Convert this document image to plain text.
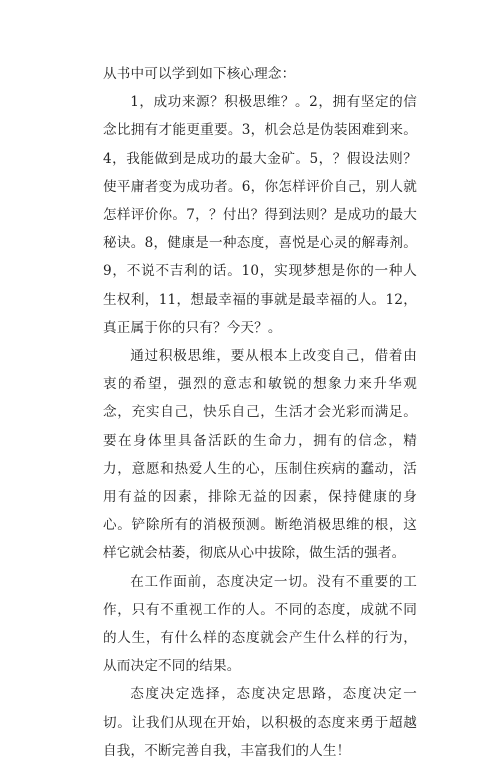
从书中可以学到如下核心理念：

1，成功来源？积极思维？。2，拥有坚定的信念比拥有才能更重要。3，机会总是伪装困难到来。4，我能做到是成功的最大金矿。5，？假设法则？使平庸者变为成功者。6，你怎样评价自己，别人就怎样评价你。7，？付出？得到法则？是成功的最大秘诀。8，健康是一种态度，喜悦是心灵的解毒剂。9，不说不吉利的话。10，实现梦想是你的一种人生权利，11，想最幸福的事就是最幸福的人。12，真正属于你的只有？今天？。

通过积极思维，要从根本上改变自己，借着由衷的希望，强烈的意志和敏锐的想象力来升华观念，充实自己，快乐自己，生活才会光彩而满足。要在身体里具备活跃的生命力，拥有的信念，精力，意愿和热爱人生的心，压制住疾病的蠢动，活用有益的因素，排除无益的因素，保持健康的身心。铲除所有的消极预测。断绝消极思维的根，这样它就会枯萎，彻底从心中拔除，做生活的强者。

在工作面前，态度决定一切。没有不重要的工作，只有不重视工作的人。不同的态度，成就不同的人生，有什么样的态度就会产生什么样的行为，从而决定不同的结果。

态度决定选择，态度决定思路，态度决定一切。让我们从现在开始，以积极的态度来勇于超越自我，不断完善自我，丰富我们的人生！
